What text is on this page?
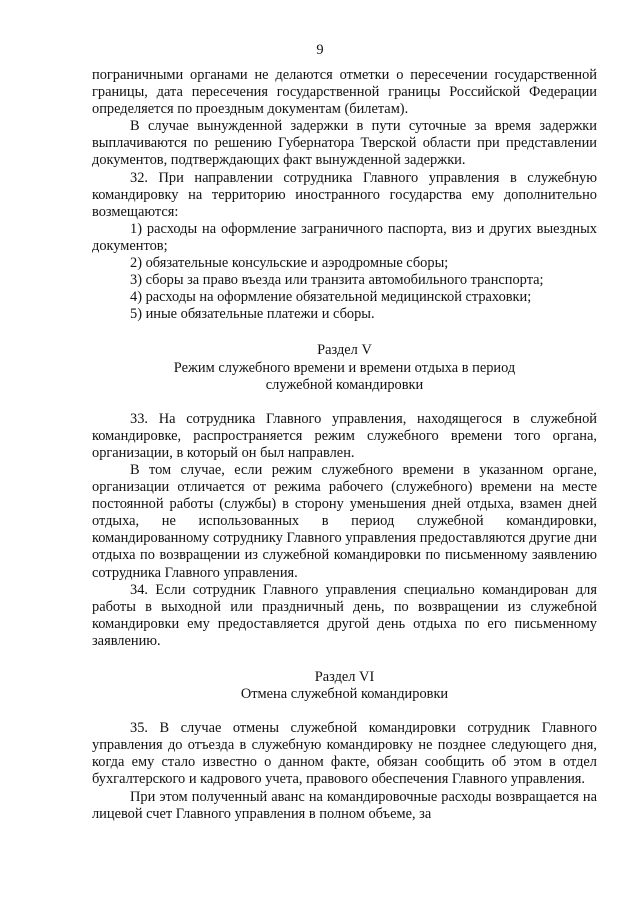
9

пограничными органами не делаются отметки о пересечении государственной границы, дата пересечения государственной границы Российской Федерации определяется по проездным документам (билетам).

В случае вынужденной задержки в пути суточные за время задержки выплачиваются по решению Губернатора Тверской области при представлении документов, подтверждающих факт вынужденной задержки.

32. При направлении сотрудника Главного управления в служебную командировку на территорию иностранного государства ему дополнительно возмещаются:

1) расходы на оформление заграничного паспорта, виз и других выездных документов;

2) обязательные консульские и аэродромные сборы;

3) сборы за право въезда или транзита автомобильного транспорта;

4) расходы на оформление обязательной медицинской страховки;

5) иные обязательные платежи и сборы.

Раздел V
Режим служебного времени и времени отдыха в период
служебной командировки

33. На сотрудника Главного управления, находящегося в служебной командировке, распространяется режим служебного времени того органа, организации, в который он был направлен.

В том случае, если режим служебного времени в указанном органе, организации отличается от режима рабочего (служебного) времени на месте постоянной работы (службы) в сторону уменьшения дней отдыха, взамен дней отдыха, не использованных в период служебной командировки, командированному сотруднику Главного управления предоставляются другие дни отдыха по возвращении из служебной командировки по письменному заявлению сотрудника Главного управления.

34. Если сотрудник Главного управления специально командирован для работы в выходной или праздничный день, по возвращении из служебной командировки ему предоставляется другой день отдыха по его письменному заявлению.

Раздел VI
Отмена служебной командировки

35. В случае отмены служебной командировки сотрудник Главного управления до отъезда в служебную командировку не позднее следующего дня, когда ему стало известно о данном факте, обязан сообщить об этом в отдел бухгалтерского и кадрового учета, правового обеспечения Главного управления.

При этом полученный аванс на командировочные расходы возвращается на лицевой счет Главного управления в полном объеме, за
